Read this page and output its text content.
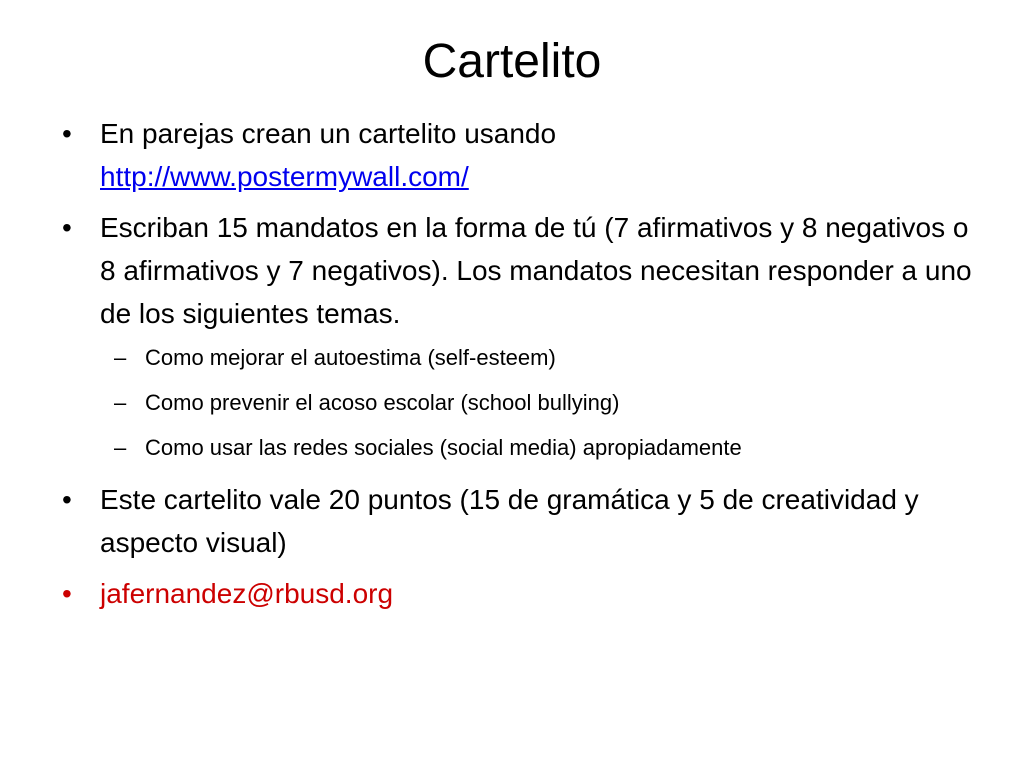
Cartelito
•	En parejas crean un cartelito usando
http://www.postermywall.com/
•	Escriban 15 mandatos en la forma de tú (7 afirmativos y 8 negativos o 8 afirmativos y 7 negativos). Los mandatos necesitan responder a uno de los siguientes temas.
– Como mejorar el autoestima (self-esteem)
– Como prevenir el acoso escolar (school bullying)
– Como usar las redes sociales (social media) apropiadamente
•	Este cartelito vale 20 puntos (15 de gramática y 5 de creatividad y aspecto visual)
•	jafernandez@rbusd.org
